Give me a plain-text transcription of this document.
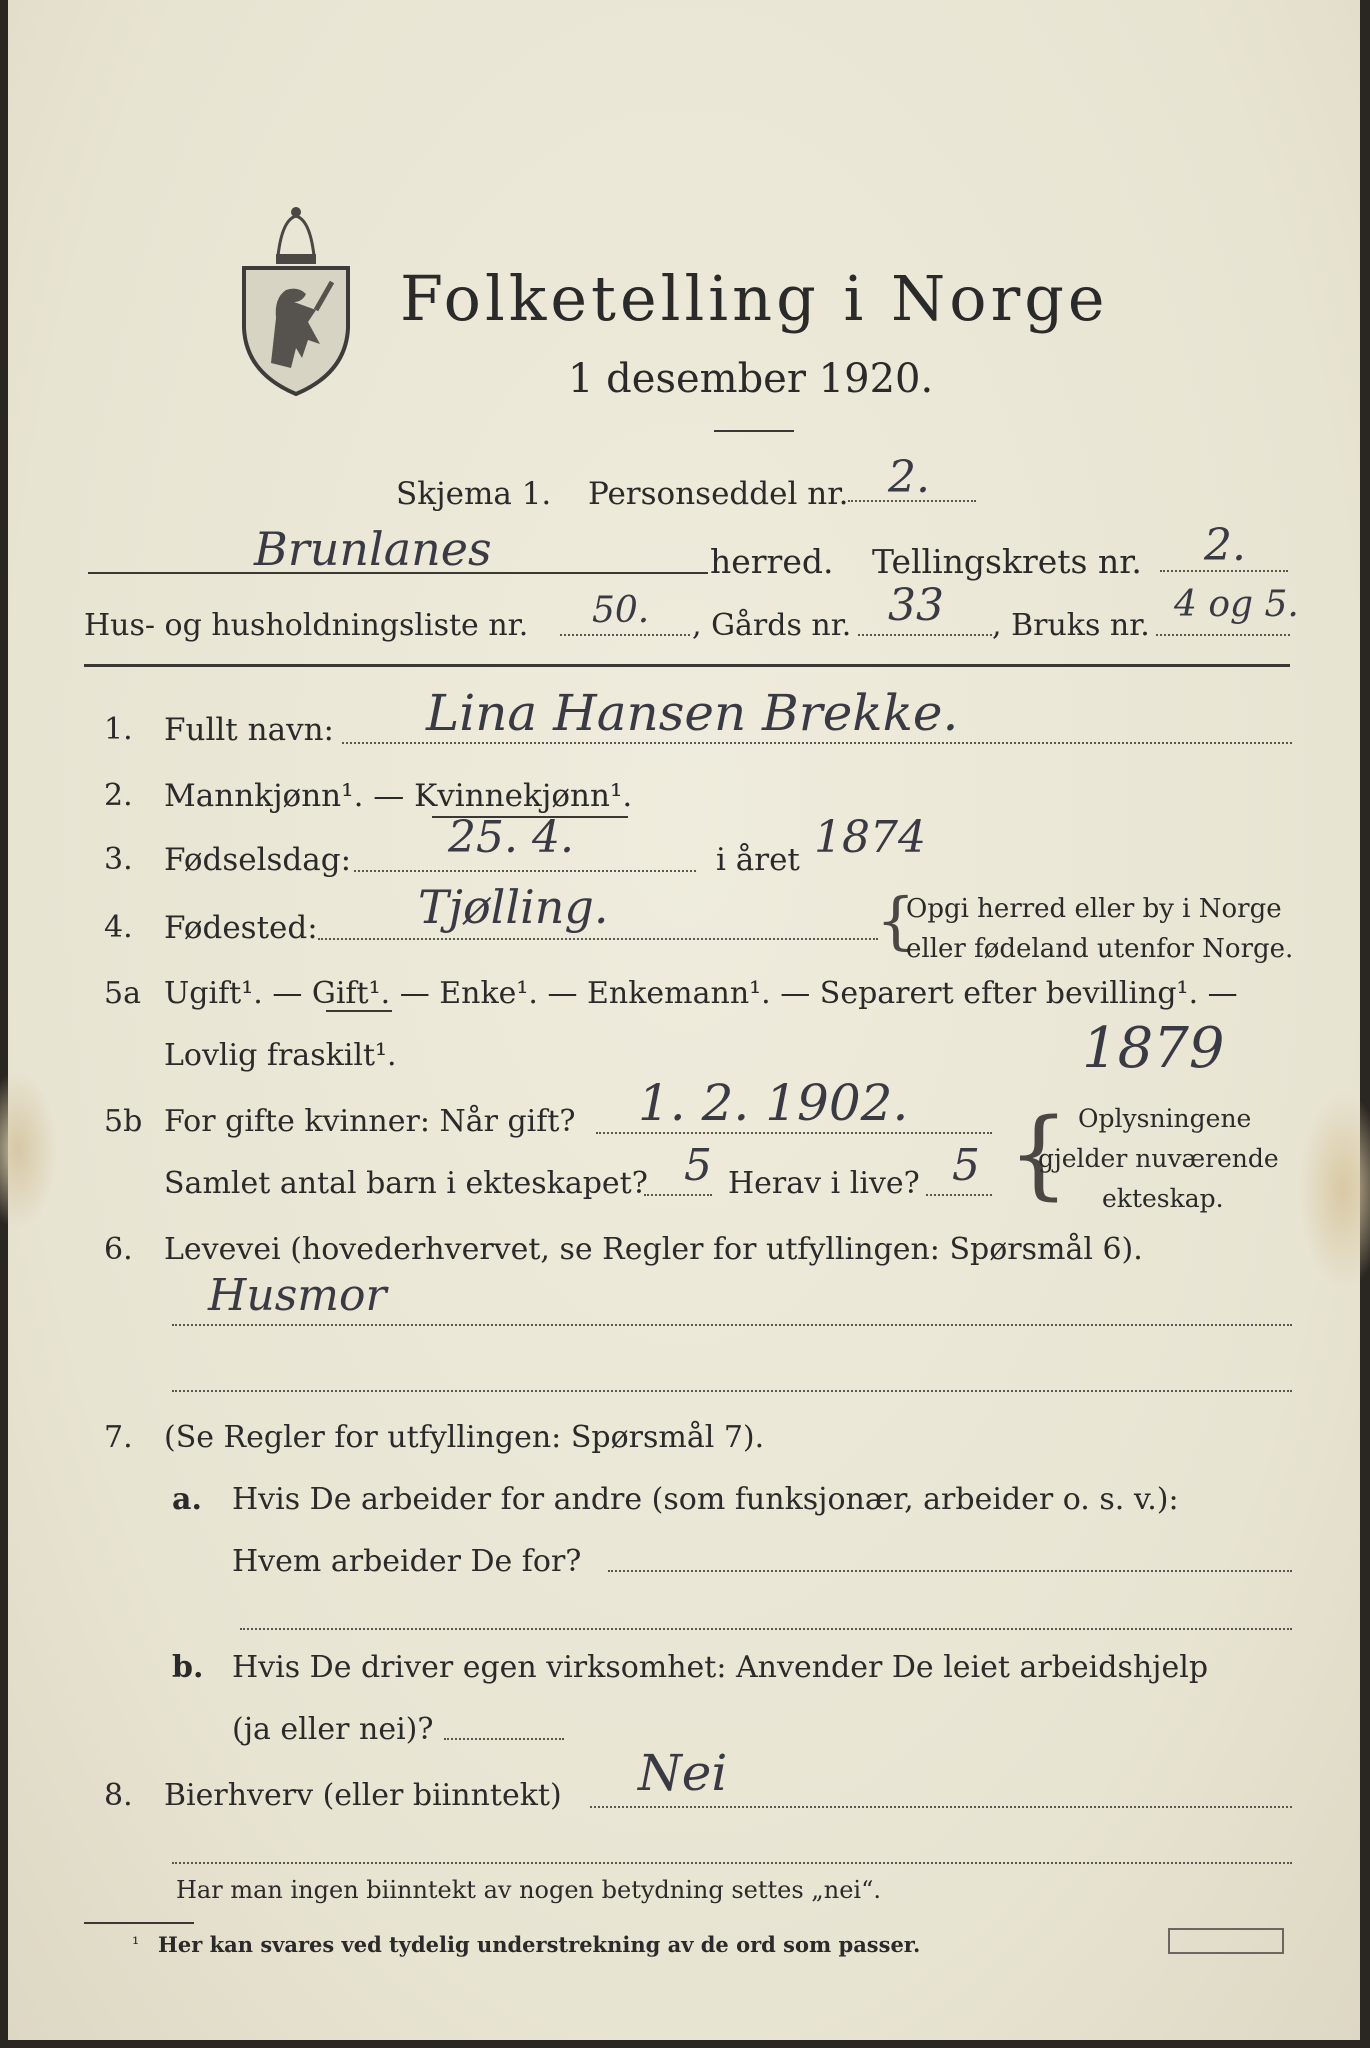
Folketelling i Norge
1 desember 1920.
Skjema 1. Personseddel nr. 2.
Brunlanes	herred. Tellingskrets nr. 2.
Hus- og husholdningsliste nr. 50. , Gårds nr. 33 , Bruks nr.
4 og 5.
1. Fullt navn: Lina Hansen Brekke.
2. Mannkjønn¹. — Kvinnekjønn¹.
3. Fødselsdag: 25. 4.	i året 1874
4. Fødested: Tjølling.	{
Opgi herred eller by i Norge
eller fødeland utenfor Norge.
5a Ugift¹. — Gift¹. — Enke¹. — Enkemann¹. — Separert efter bevilling¹. —
Lovlig fraskilt¹.
5b For gifte kvinner: Når gift? 1. 2. 1902.
1879
{ Oplysningene
gjelder nuværende
ekteskap.
Samlet antal barn i ekteskapet? 5 Herav i live? 5
6. Levevei (hovederhvervet, se Regler for utfyllingen: Spørsmål 6).
Husmor
7. (Se Regler for utfyllingen: Spørsmål 7).
a. Hvis De arbeider for andre (som funksjonær, arbeider o. s. v.):
Hvem arbeider De for?
b. Hvis De driver egen virksomhet: Anvender De leiet arbeidshjelp
(ja eller nei)?
8. Bierhverv (eller biinntekt) Nei
Har man ingen biinntekt av nogen betydning settes „nei“.
¹ Her kan svares ved tydelig understrekning av de ord som passer.
